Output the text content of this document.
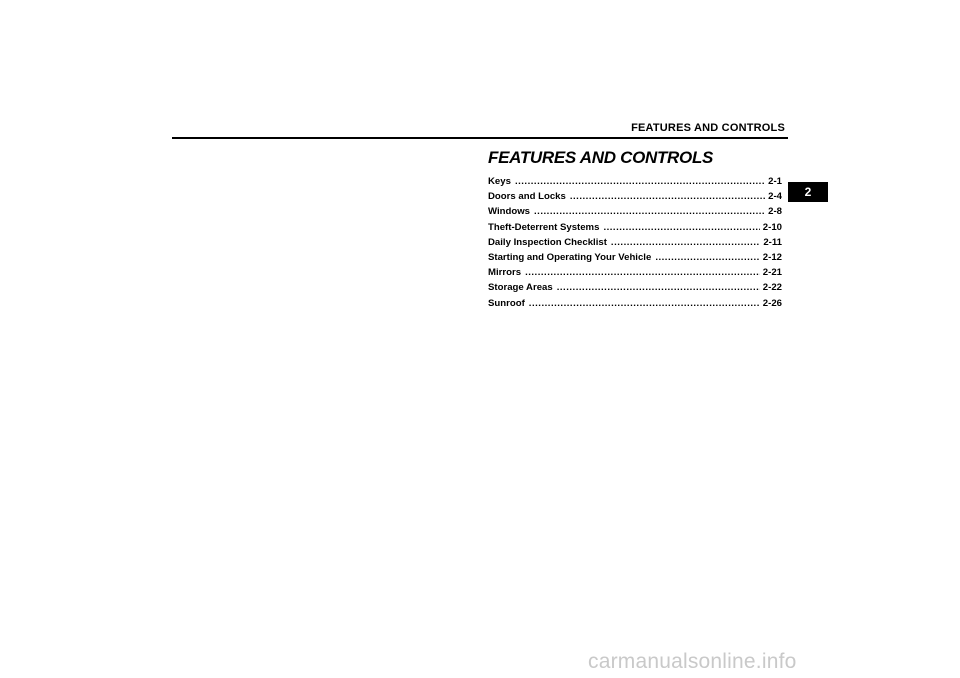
FEATURES AND CONTROLS
2
FEATURES AND CONTROLS
Keys .....	2-1
Doors and Locks .....	2-4
Windows .....	2-8
Theft-Deterrent Systems .....	2-10
Daily Inspection Checklist .....	2-11
Starting and Operating Your Vehicle .....	2-12
Mirrors .....	2-21
Storage Areas .....	2-22
Sunroof .....	2-26
carmanualsonline.info
